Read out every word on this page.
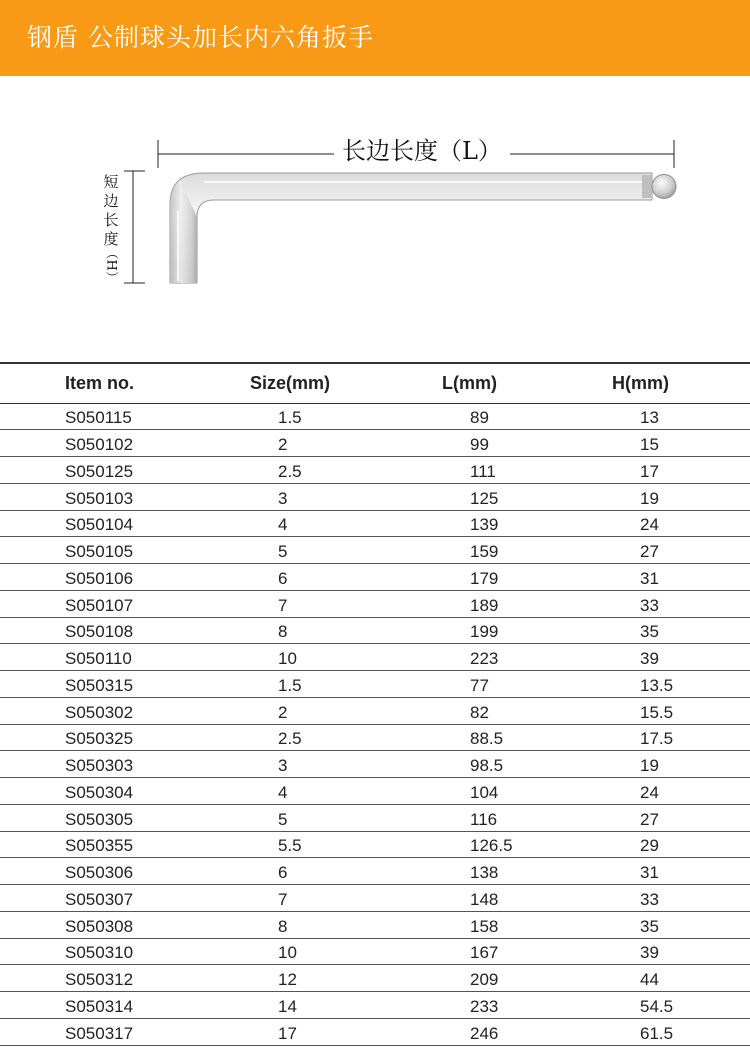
钢盾 公制球头加长内六角扳手
长边长度（L）
短
边
长
度
（H）
Item no.	Size(mm)	L(mm)	H(mm)
S050115	1.5	89	13
S050102	2	99	15
S050125	2.5	111	17
S050103	3	125	19
S050104	4	139	24
S050105	5	159	27
S050106	6	179	31
S050107	7	189	33
S050108	8	199	35
S050110	10	223	39
S050315	1.5	77	13.5
S050302	2	82	15.5
S050325	2.5	88.5	17.5
S050303	3	98.5	19
S050304	4	104	24
S050305	5	116	27
S050355	5.5	126.5	29
S050306	6	138	31
S050307	7	148	33
S050308	8	158	35
S050310	10	167	39
S050312	12	209	44
S050314	14	233	54.5
S050317	17	246	61.5
